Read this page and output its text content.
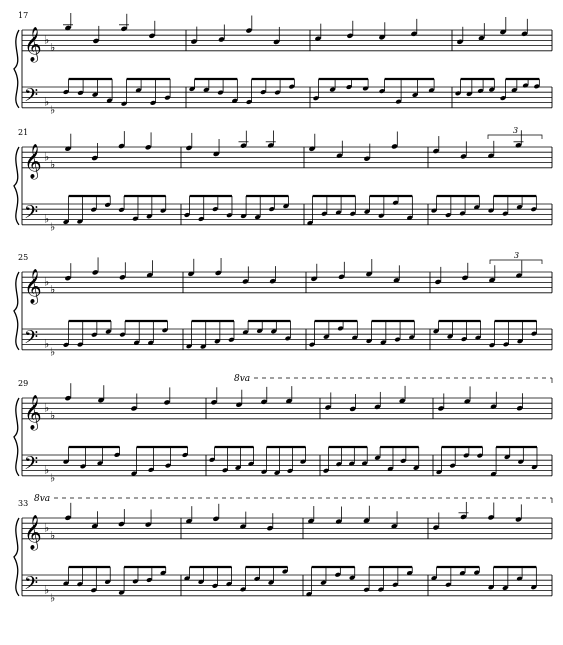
17
𝄞
𝄢
♭
♭
♭
♭
21
𝄞
𝄢
♭
♭
♭
♭
3
25
𝄞
𝄢
♭
♭
♭
♭
3
29
𝄞
𝄢
♭
♭
♭
♭
8va
33
𝄞
𝄢
♭
♭
♭
♭
8va
